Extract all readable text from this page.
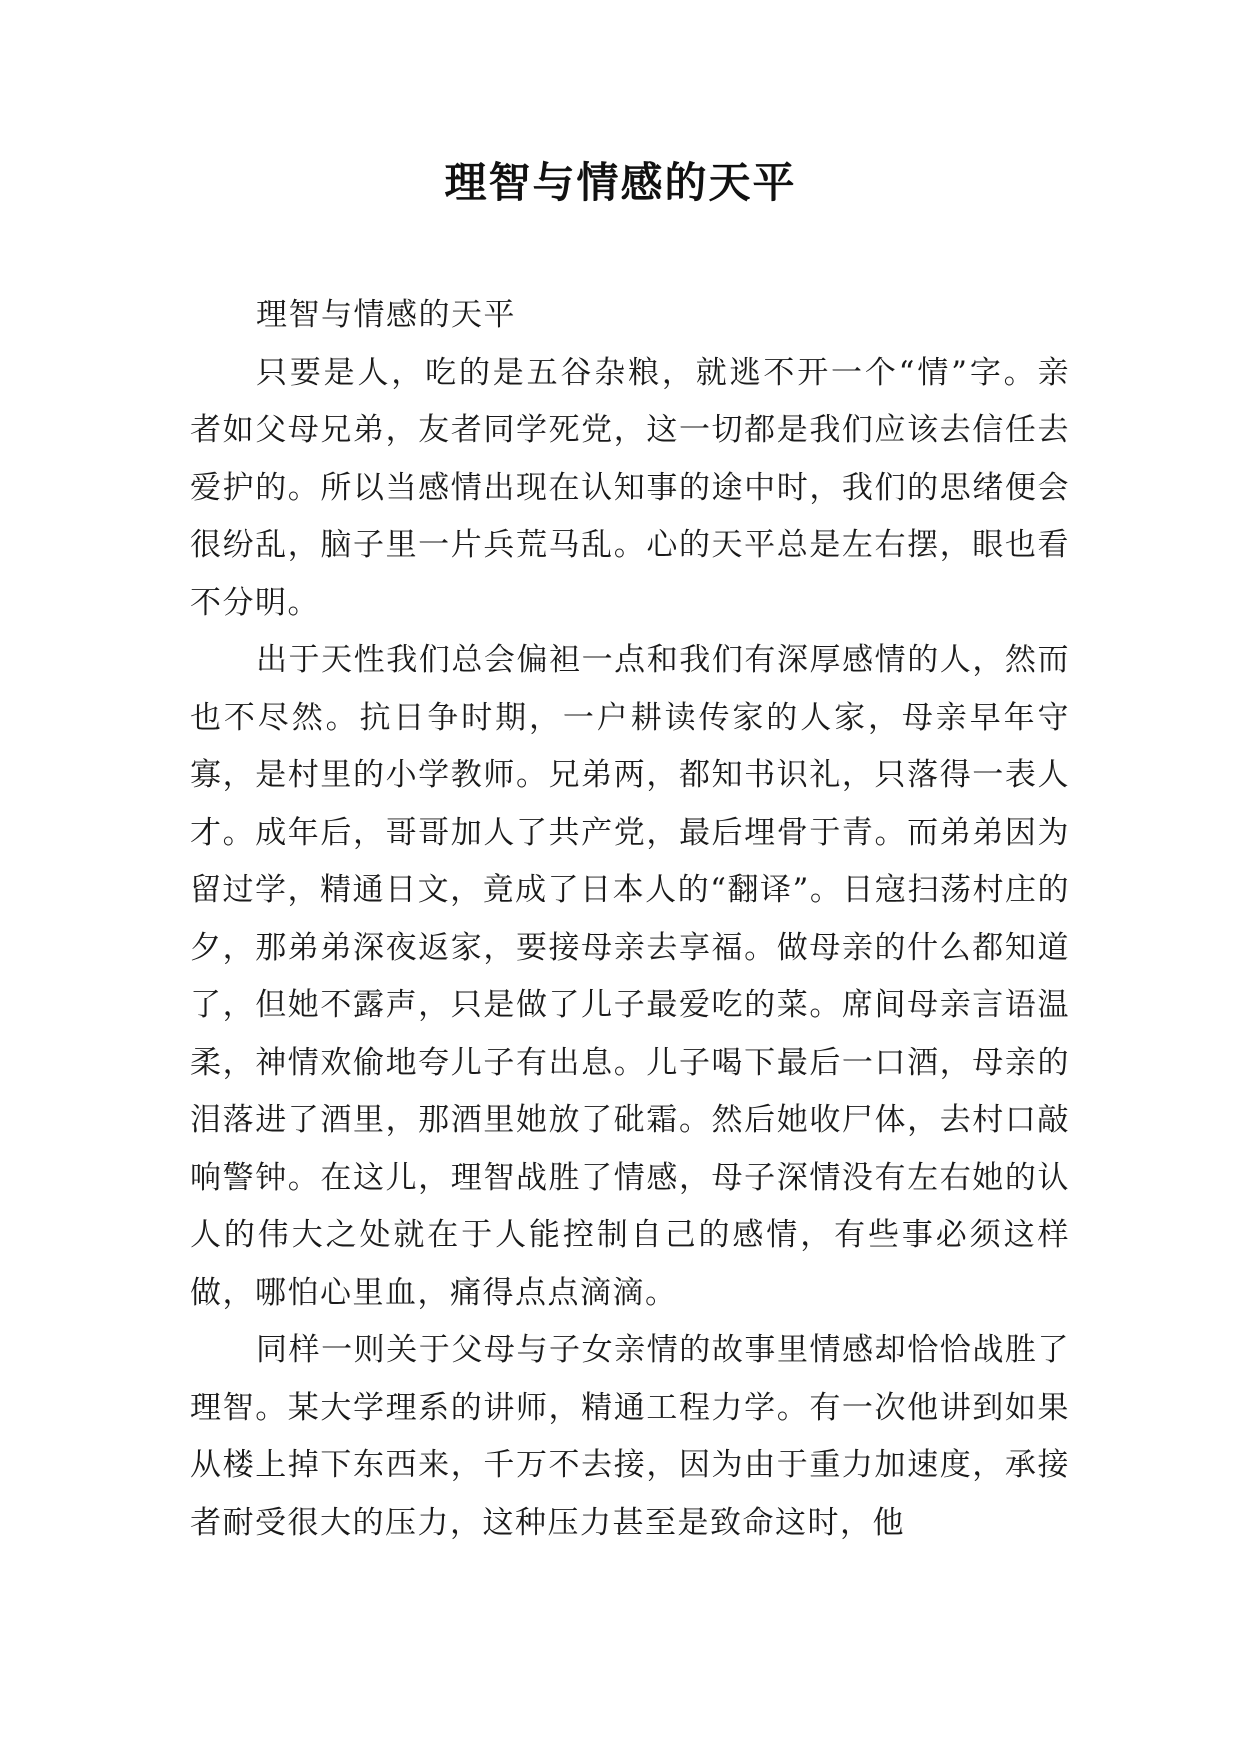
理智与情感的天平

理智与情感的天平

只要是人，吃的是五谷杂粮，就逃不开一个“情”字。亲者如父母兄弟，友者同学死党，这一切都是我们应该去信任去爱护的。所以当感情出现在认知事的途中时，我们的思绪便会很纷乱，脑子里一片兵荒马乱。心的天平总是左右摆，眼也看不分明。

出于天性我们总会偏袒一点和我们有深厚感情的人，然而也不尽然。抗日争时期，一户耕读传家的人家，母亲早年守寡，是村里的小学教师。兄弟两，都知书识礼，只落得一表人才。成年后，哥哥加人了共产党，最后埋骨于青。而弟弟因为留过学，精通日文，竟成了日本人的“翻译”。日寇扫荡村庄的夕，那弟弟深夜返家，要接母亲去享福。做母亲的什么都知道了，但她不露声，只是做了儿子最爱吃的菜。席间母亲言语温柔，神情欢偷地夸儿子有出息。儿子喝下最后一口酒，母亲的泪落进了酒里，那酒里她放了砒霜。然后她收尸体，去村口敲响警钟。在这儿，理智战胜了情感，母子深情没有左右她的认人的伟大之处就在于人能控制自己的感情，有些事必须这样做，哪怕心里血，痛得点点滴滴。

同样一则关于父母与子女亲情的故事里情感却恰恰战胜了理智。某大学理系的讲师，精通工程力学。有一次他讲到如果从楼上掉下东西来，千万不去接，因为由于重力加速度，承接者耐受很大的压力，这种压力甚至是致命这时，他
